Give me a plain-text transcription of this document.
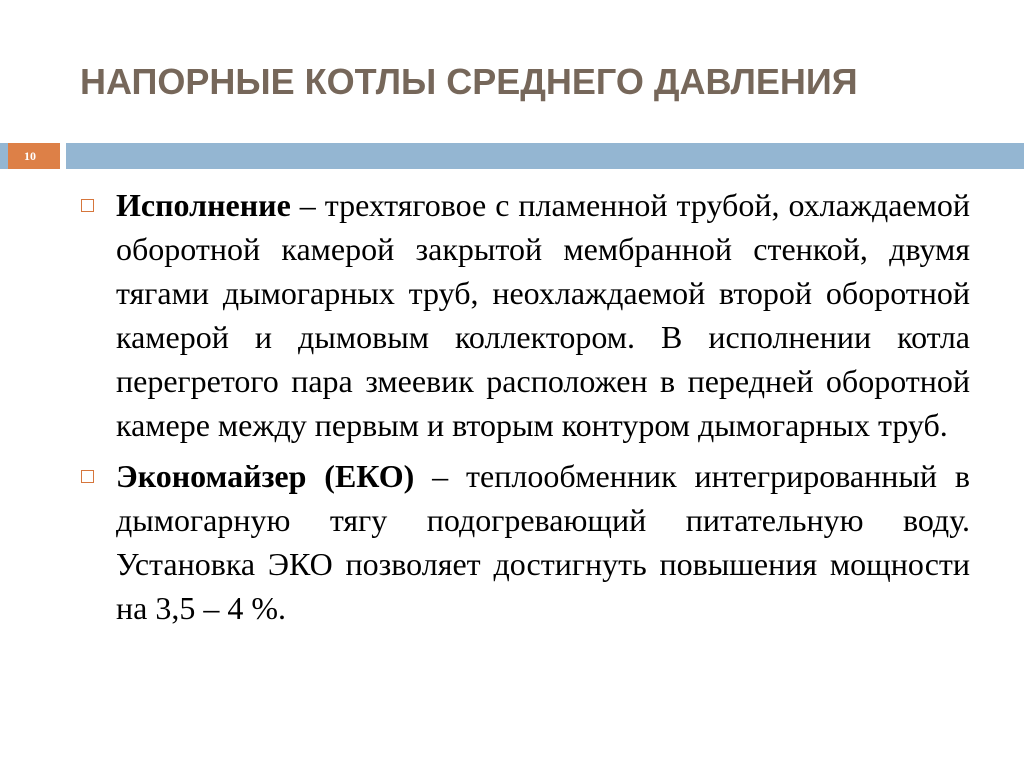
НАПОРНЫЕ КОТЛЫ СРЕДНЕГО ДАВЛЕНИЯ
10
Исполнение – трехтяговое с пламенной трубой, охлаждаемой оборотной камерой закрытой мембранной стенкой, двумя тягами дымогарных труб, неохлаждаемой второй оборотной камерой и дымовым коллектором. В исполнении котла перегретого пара змеевик расположен в передней оборотной камере между первым и вторым контуром дымогарных труб.
Экономайзер (ЕКО) – теплообменник интегрированный в дымогарную тягу подогревающий питательную воду. Установка ЭКО позволяет достигнуть повышения мощности на 3,5 – 4 %.
